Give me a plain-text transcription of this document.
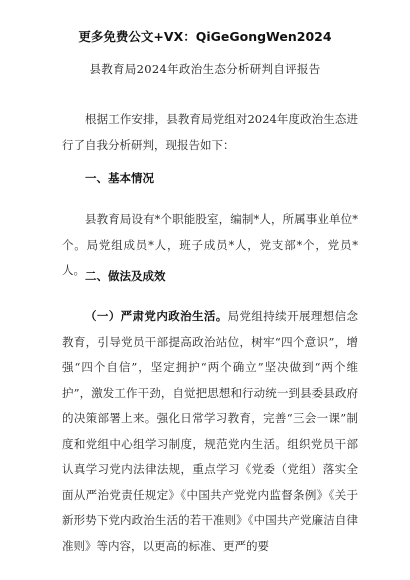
更多免费公文+VX：QiGeGongWen2024
县教育局2024年政治生态分析研判自评报告
根据工作安排，县教育局党组对2024年度政治生态进行了自我分析研判，现报告如下：
一、基本情况
县教育局设有*个职能股室，编制*人，所属事业单位*个。局党组成员*人，班子成员*人，党支部*个，党员*人。 二、做法及成效
（一）严肃党内政治生活。局党组持续开展理想信念教育，引导党员干部提高政治站位，树牢“四个意识”，增强“四个自信”，坚定拥护“两个确立”坚决做到“两个维护”，激发工作干劲，自觉把思想和行动统一到县委县政府的决策部署上来。强化日常学习教育，完善“三会一课”制度和党组中心组学习制度，规范党内生活。组织党员干部认真学习党内法律法规，重点学习《党委（党组）落实全面从严治党责任规定》《中国共产党党内监督条例》《关于新形势下党内政治生活的若干准则》《中国共产党廉洁自律准则》等内容，以更高的标准、更严的要
